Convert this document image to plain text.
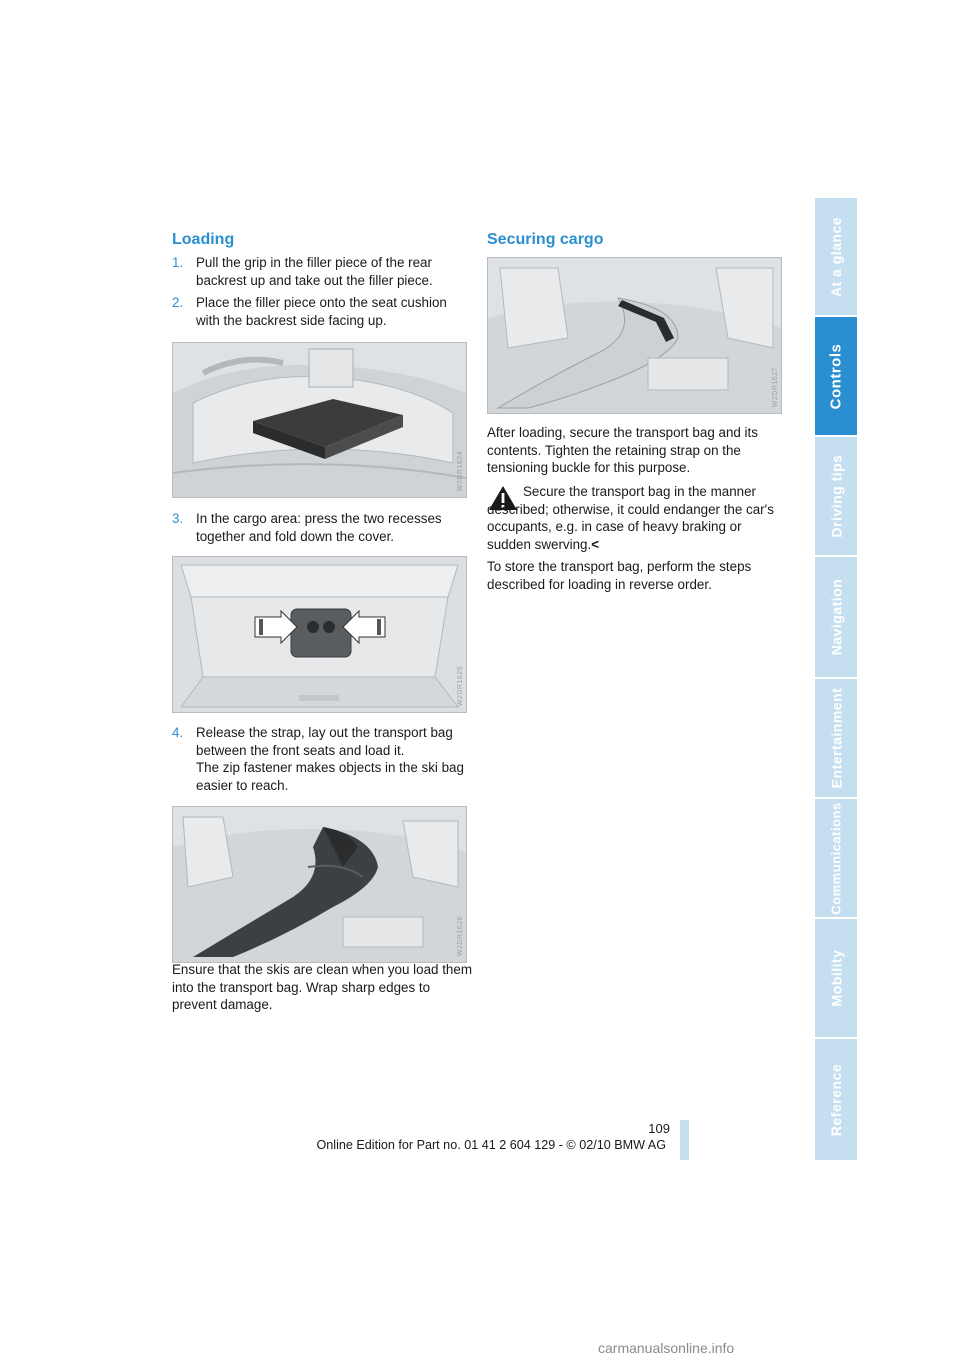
At a glance
Controls
Driving tips
Navigation
Entertainment
Communications
Mobility
Reference
Loading
1. Pull the grip in the filler piece of the rear backrest up and take out the filler piece.
2. Place the filler piece onto the seat cushion with the backrest side facing up.
W2DR1624
3. In the cargo area: press the two recesses together and fold down the cover.
W2DR1625
4. Release the strap, lay out the transport bag between the front seats and load it.
The zip fastener makes objects in the ski bag easier to reach.
W2DR1626

Ensure that the skis are clean when you load them into the transport bag. Wrap sharp edges to prevent damage.

Securing cargo
W2DR1627

After loading, secure the transport bag and its contents. Tighten the retaining strap on the tensioning buckle for this purpose.

Secure the transport bag in the manner described; otherwise, it could endanger the car's occupants, e.g. in case of heavy braking or sudden swerving.<

To store the transport bag, perform the steps described for loading in reverse order.

109
Online Edition for Part no. 01 41 2 604 129 - © 02/10 BMW AG
carmanualsonline.info
